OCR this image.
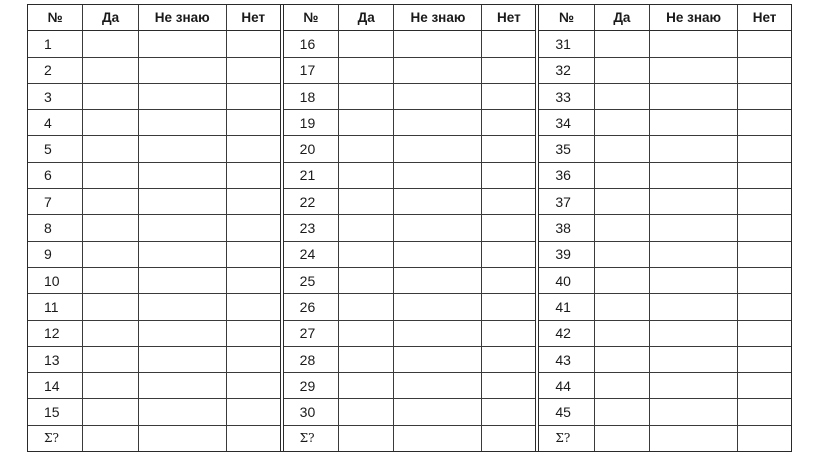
№	Да	Не знаю	Нет
1
2
3
4
5
6
7
8
9
10
11
12
13
14
15
Σ?
№	Да	Не знаю	Нет
16
17
18
19
20
21
22
23
24
25
26
27
28
29
30
Σ?
№	Да	Не знаю	Нет
31
32
33
34
35
36
37
38
39
40
41
42
43
44
45
Σ?
